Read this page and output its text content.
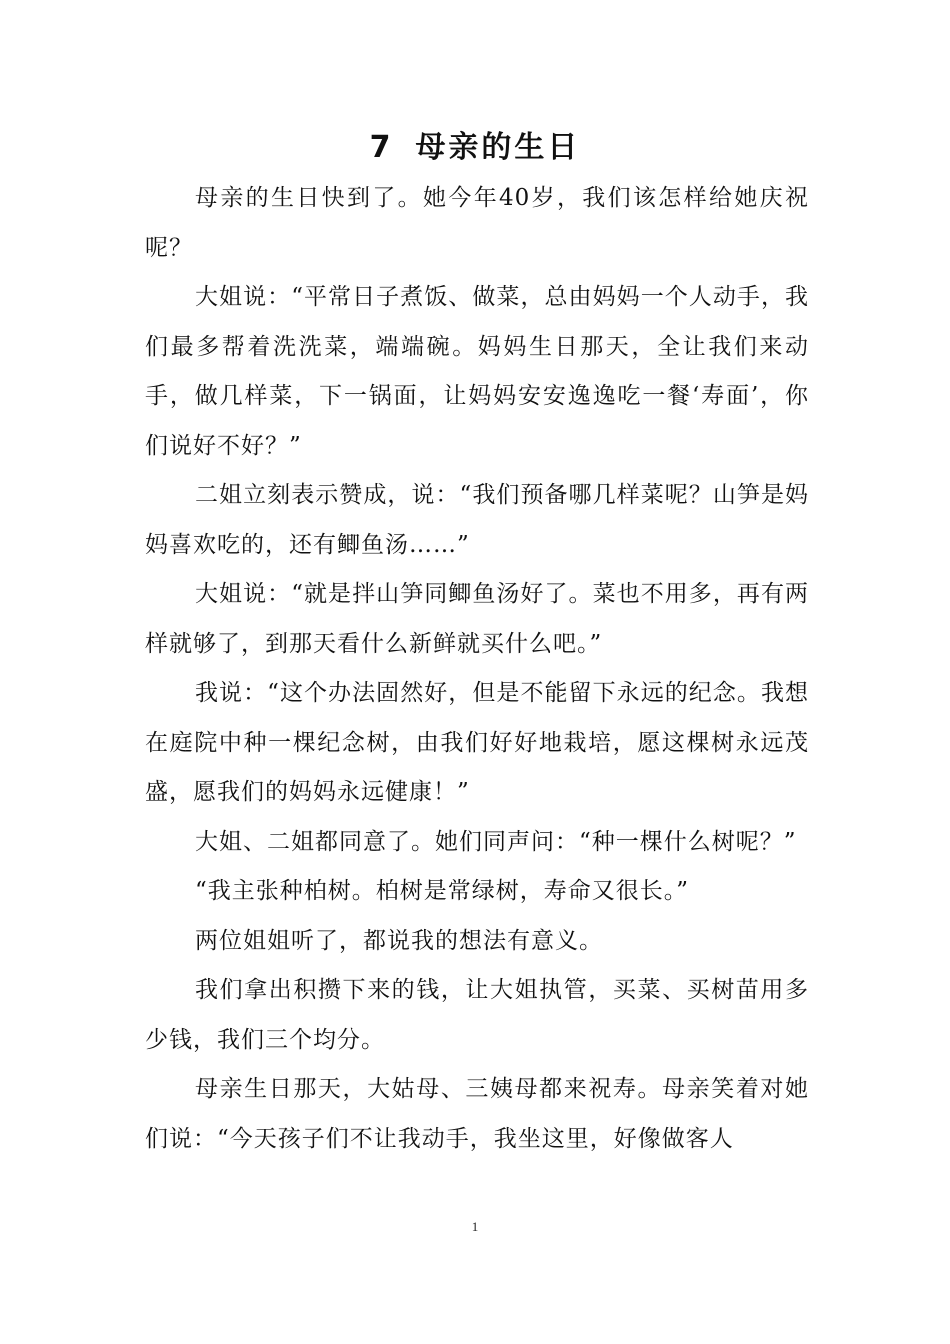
7 母亲的生日

母亲的生日快到了。她今年40岁，我们该怎样给她庆祝呢？

大姐说：“平常日子煮饭、做菜，总由妈妈一个人动手，我们最多帮着洗洗菜，端端碗。妈妈生日那天，全让我们来动手，做几样菜，下一锅面，让妈妈安安逸逸吃一餐‘寿面’，你们说好不好？”

二姐立刻表示赞成，说：“我们预备哪几样菜呢？山笋是妈妈喜欢吃的，还有鲫鱼汤……”

大姐说：“就是拌山笋同鲫鱼汤好了。菜也不用多，再有两样就够了，到那天看什么新鲜就买什么吧。”

我说：“这个办法固然好，但是不能留下永远的纪念。我想在庭院中种一棵纪念树，由我们好好地栽培，愿这棵树永远茂盛，愿我们的妈妈永远健康！”

大姐、二姐都同意了。她们同声问：“种一棵什么树呢？”

“我主张种柏树。柏树是常绿树，寿命又很长。”

两位姐姐听了，都说我的想法有意义。

我们拿出积攒下来的钱，让大姐执管，买菜、买树苗用多少钱，我们三个均分。

母亲生日那天，大姑母、三姨母都来祝寿。母亲笑着对她们说：“今天孩子们不让我动手，我坐这里，好像做客人

1
